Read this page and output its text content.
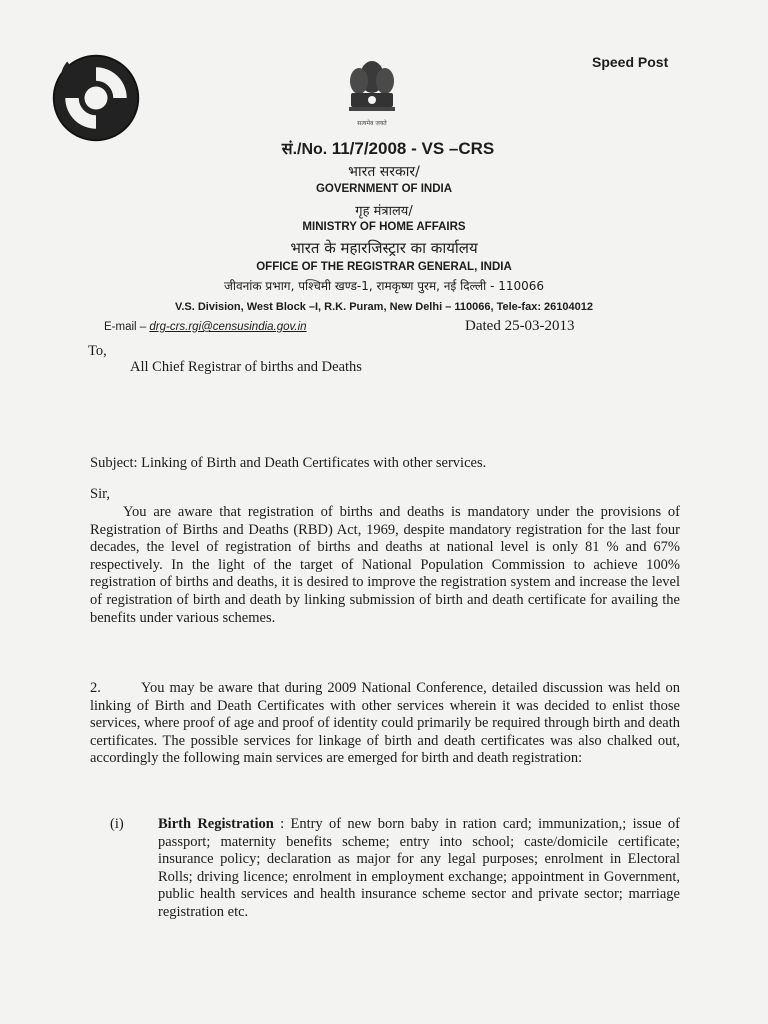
सत्यमेव जयते
Speed Post
सं./No. 11/7/2008 - VS –CRS
भारत सरकार/
GOVERNMENT OF INDIA
गृह मंत्रालय/
MINISTRY OF HOME AFFAIRS
भारत के महारजिस्ट्रार का कार्यालय
OFFICE OF THE REGISTRAR GENERAL, INDIA
जीवनांक प्रभाग, पश्चिमी खण्ड-1, रामकृष्ण पुरम, नई दिल्ली - 110066
V.S. Division, West Block –I, R.K. Puram, New Delhi – 110066, Tele-fax: 26104012
E-mail – drg-crs.rgi@censusindia.gov.in	Dated 25-03-2013
To,
All Chief Registrar of births and Deaths
Subject: Linking of Birth and Death Certificates with other services.
Sir,

You are aware that registration of births and deaths is mandatory under the provisions of Registration of Births and Deaths (RBD) Act, 1969, despite mandatory registration for the last four decades, the level of registration of births and deaths at national level is only 81 % and 67% respectively. In the light of the target of National Population Commission to achieve 100% registration of births and deaths, it is desired to improve the registration system and increase the level of registration of birth and death by linking submission of birth and death certificate for availing the benefits under various schemes.

2.	You may be aware that during 2009 National Conference, detailed discussion was held on linking of Birth and Death Certificates with other services wherein it was decided to enlist those services, where proof of age and proof of identity could primarily be required through birth and death certificates. The possible services for linkage of birth and death certificates was also chalked out, accordingly the following main services are emerged for birth and death registration:

(i) Birth Registration : Entry of new born baby in ration card; immunization,; issue of passport; maternity benefits scheme; entry into school; caste/domicile certificate; insurance policy; declaration as major for any legal purposes; enrolment in Electoral Rolls; driving licence; enrolment in employment exchange; appointment in Government, public health services and health insurance scheme sector and private sector; marriage registration etc.
